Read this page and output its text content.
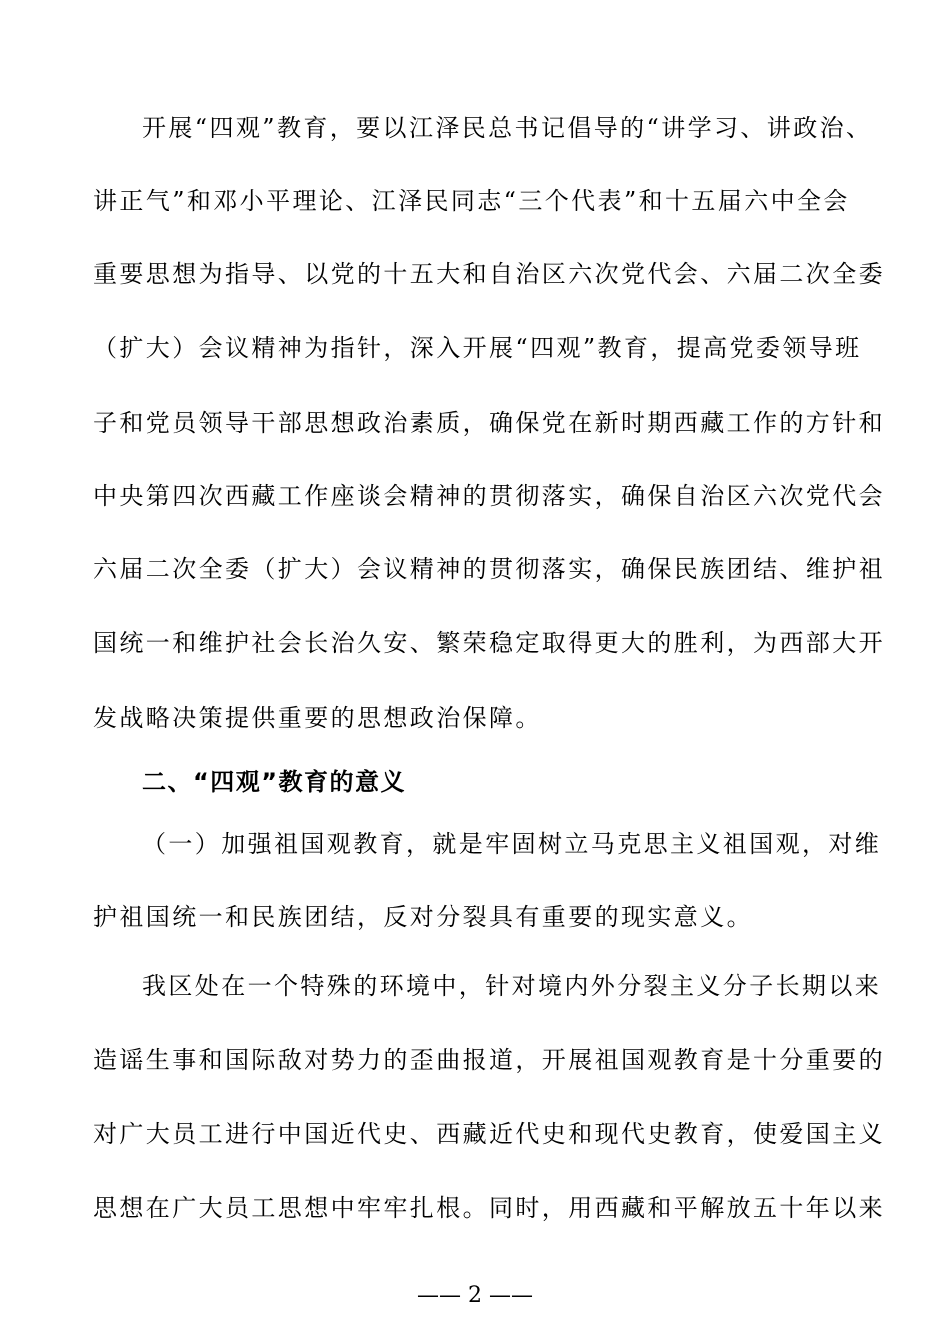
开展“四观”教育，要以江泽民总书记倡导的“讲学习、讲政治、
讲正气”和邓小平理论、江泽民同志“三个代表”和十五届六中全会
重要思想为指导、以党的十五大和自治区六次党代会、六届二次全委
（扩大）会议精神为指针，深入开展“四观”教育，提高党委领导班
子和党员领导干部思想政治素质，确保党在新时期西藏工作的方针和
中央第四次西藏工作座谈会精神的贯彻落实，确保自治区六次党代会
六届二次全委（扩大）会议精神的贯彻落实，确保民族团结、维护祖
国统一和维护社会长治久安、繁荣稳定取得更大的胜利，为西部大开
发战略决策提供重要的思想政治保障。
二、“四观”教育的意义
（一）加强祖国观教育，就是牢固树立马克思主义祖国观，对维
护祖国统一和民族团结，反对分裂具有重要的现实意义。
我区处在一个特殊的环境中，针对境内外分裂主义分子长期以来
造谣生事和国际敌对势力的歪曲报道，开展祖国观教育是十分重要的
对广大员工进行中国近代史、西藏近代史和现代史教育，使爱国主义
思想在广大员工思想中牢牢扎根。同时，用西藏和平解放五十年以来
—— 2 ——
